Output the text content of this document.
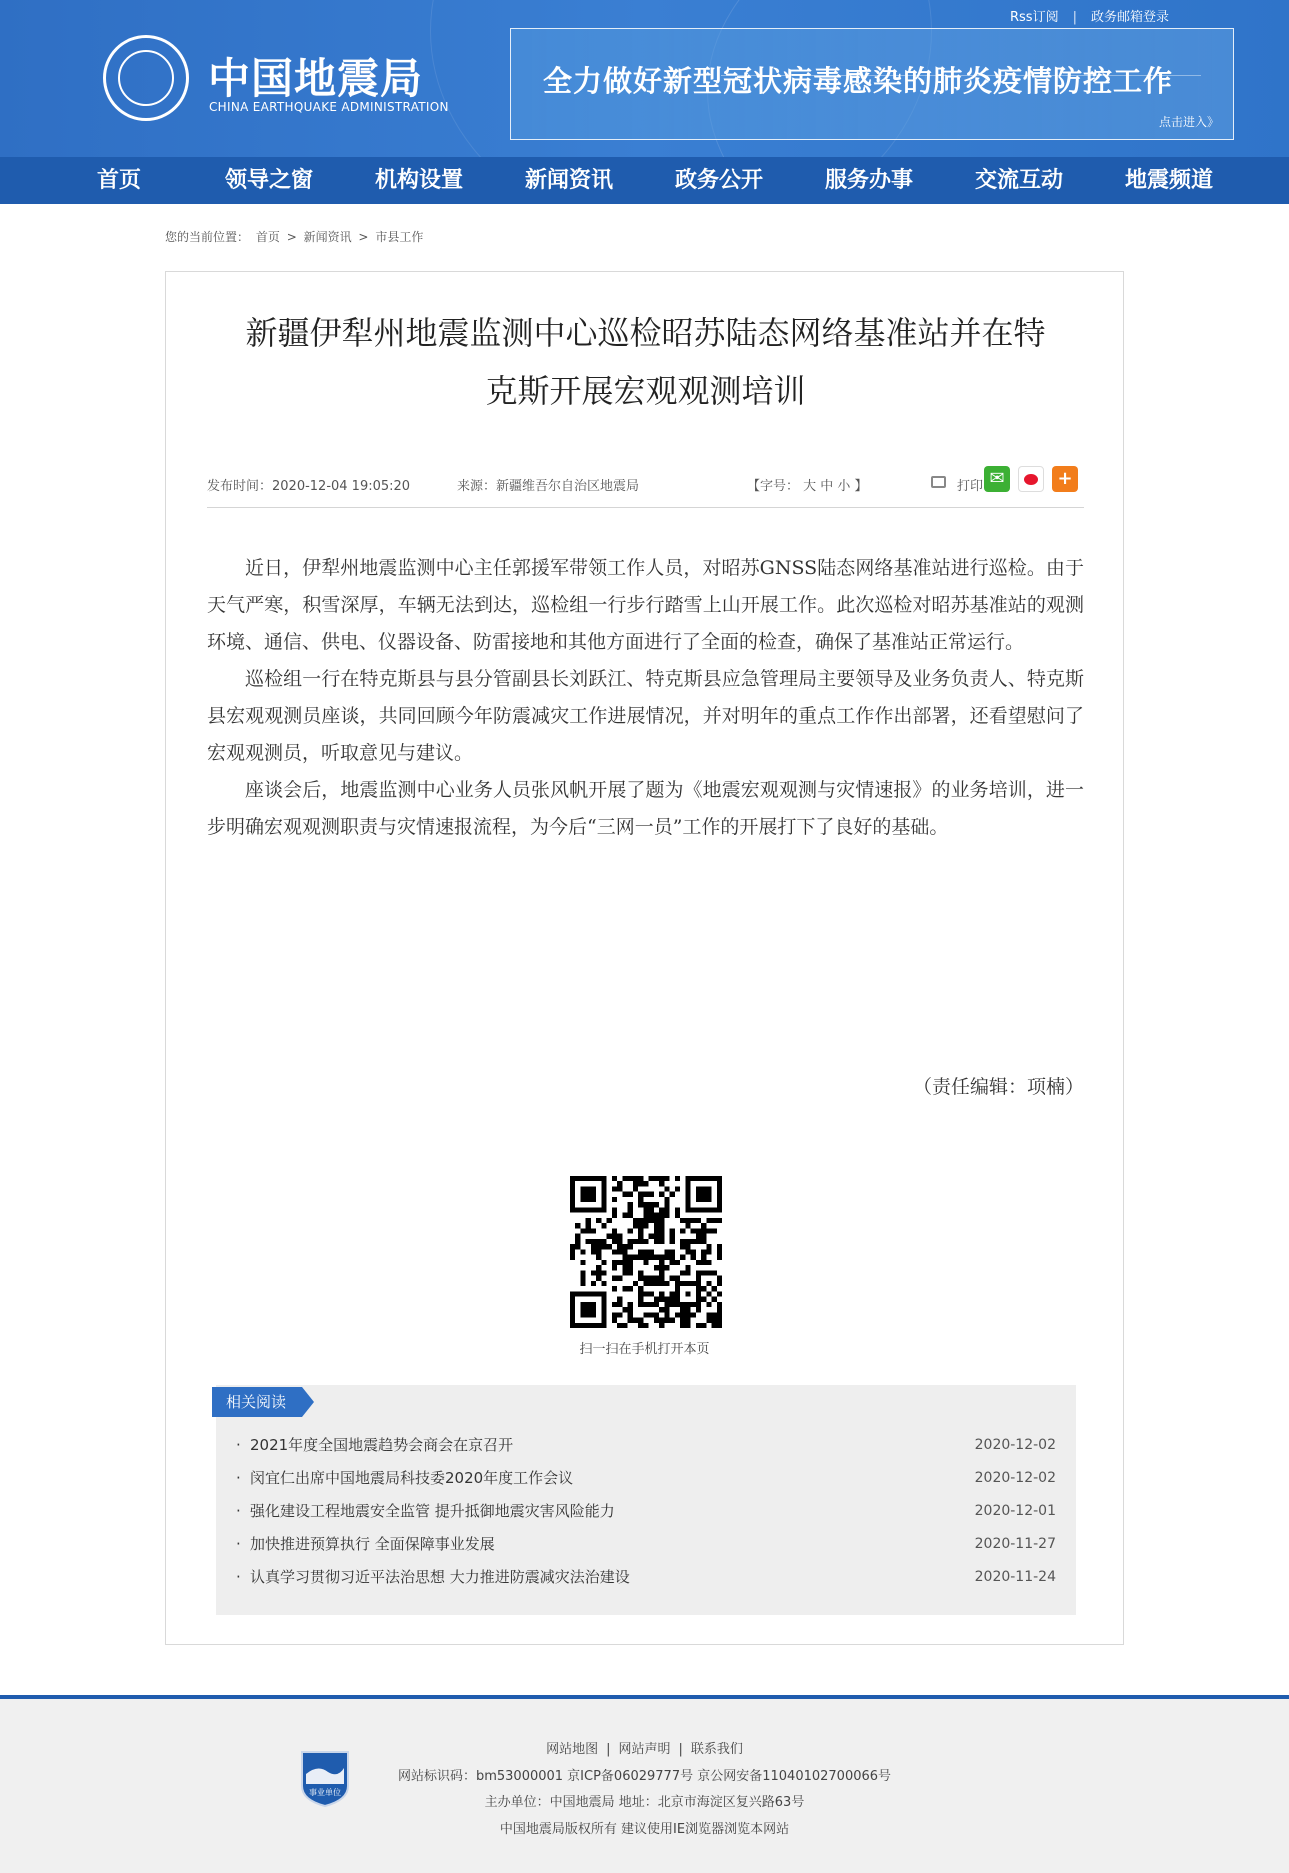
中国地震局
CHINA EARTHQUAKE ADMINISTRATION
Rss订阅 | 政务邮箱登录
全力做好新型冠状病毒感染的肺炎疫情防控工作
点击进入》
首页	领导之窗	机构设置	新闻资讯	政务公开	服务办事	交流互动	地震频道
您的当前位置： 首页 > 新闻资讯 > 市县工作
新疆伊犁州地震监测中心巡检昭苏陆态网络基准站并在特
克斯开展宏观观测培训
发布时间：2020-12-04 19:05:20	来源：新疆维吾尔自治区地震局	【字号： 大 中 小 】	打印 ✉	+

近日，伊犁州地震监测中心主任郭援军带领工作人员，对昭苏GNSS陆态网络基准站进行巡检。由于天气严寒，积雪深厚，车辆无法到达，巡检组一行步行踏雪上山开展工作。此次巡检对昭苏基准站的观测环境、通信、供电、仪器设备、防雷接地和其他方面进行了全面的检查，确保了基准站正常运行。

巡检组一行在特克斯县与县分管副县长刘跃江、特克斯县应急管理局主要领导及业务负责人、特克斯县宏观观测员座谈，共同回顾今年防震减灾工作进展情况，并对明年的重点工作作出部署，还看望慰问了宏观观测员，听取意见与建议。

座谈会后，地震监测中心业务人员张风帆开展了题为《地震宏观观测与灾情速报》的业务培训，进一步明确宏观观测职责与灾情速报流程，为今后“三网一员”工作的开展打下了良好的基础。

（责任编辑：项楠）
扫一扫在手机打开本页
相关阅读
· 2021年度全国地震趋势会商会在京召开	2020-12-02
· 闵宜仁出席中国地震局科技委2020年度工作会议	2020-12-02
· 强化建设工程地震安全监管 提升抵御地震灾害风险能力	2020-12-01
· 加快推进预算执行 全面保障事业发展	2020-11-27
· 认真学习贯彻习近平法治思想 大力推进防震减灾法治建设	2020-11-24
事业单位
网站地图 | 网站声明 | 联系我们
网站标识码：bm53000001 京ICP备06029777号 京公网安备11040102700066号
主办单位：中国地震局 地址：北京市海淀区复兴路63号
中国地震局版权所有 建议使用IE浏览器浏览本网站
